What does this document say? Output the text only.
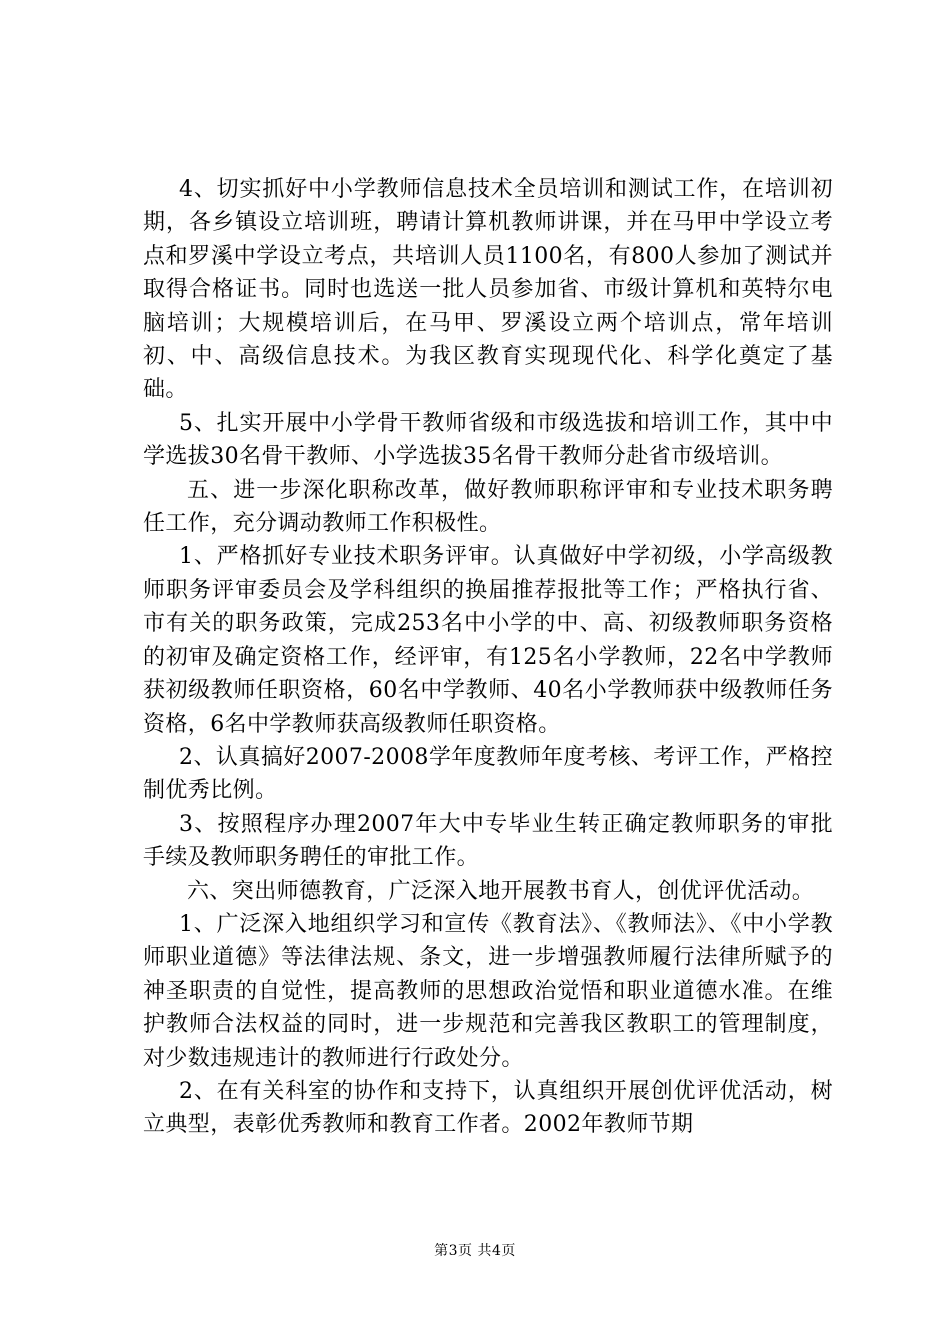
4、切实抓好中小学教师信息技术全员培训和测试工作，在培训初期，各乡镇设立培训班，聘请计算机教师讲课，并在马甲中学设立考点和罗溪中学设立考点，共培训人员1100名，有800人参加了测试并取得合格证书。同时也选送一批人员参加省、市级计算机和英特尔电脑培训；大规模培训后，在马甲、罗溪设立两个培训点，常年培训初、中、高级信息技术。为我区教育实现现代化、科学化奠定了基础。

5、扎实开展中小学骨干教师省级和市级选拔和培训工作，其中中学选拔30名骨干教师、小学选拔35名骨干教师分赴省市级培训。

五、进一步深化职称改革，做好教师职称评审和专业技术职务聘任工作，充分调动教师工作积极性。

1、严格抓好专业技术职务评审。认真做好中学初级，小学高级教师职务评审委员会及学科组织的换届推荐报批等工作；严格执行省、市有关的职务政策，完成253名中小学的中、高、初级教师职务资格的初审及确定资格工作，经评审，有125名小学教师，22名中学教师获初级教师任职资格，60名中学教师、40名小学教师获中级教师任务资格，6名中学教师获高级教师任职资格。

2、认真搞好2007-2008学年度教师年度考核、考评工作，严格控制优秀比例。

3、按照程序办理2007年大中专毕业生转正确定教师职务的审批手续及教师职务聘任的审批工作。

六、突出师德教育，广泛深入地开展教书育人，创优评优活动。

1、广泛深入地组织学习和宣传《教育法》、《教师法》、《中小学教师职业道德》等法律法规、条文，进一步增强教师履行法律所赋予的神圣职责的自觉性，提高教师的思想政治觉悟和职业道德水准。在维护教师合法权益的同时，进一步规范和完善我区教职工的管理制度，对少数违规违计的教师进行行政处分。

2、在有关科室的协作和支持下，认真组织开展创优评优活动，树立典型，表彰优秀教师和教育工作者。2002年教师节期

第3页 共4页
